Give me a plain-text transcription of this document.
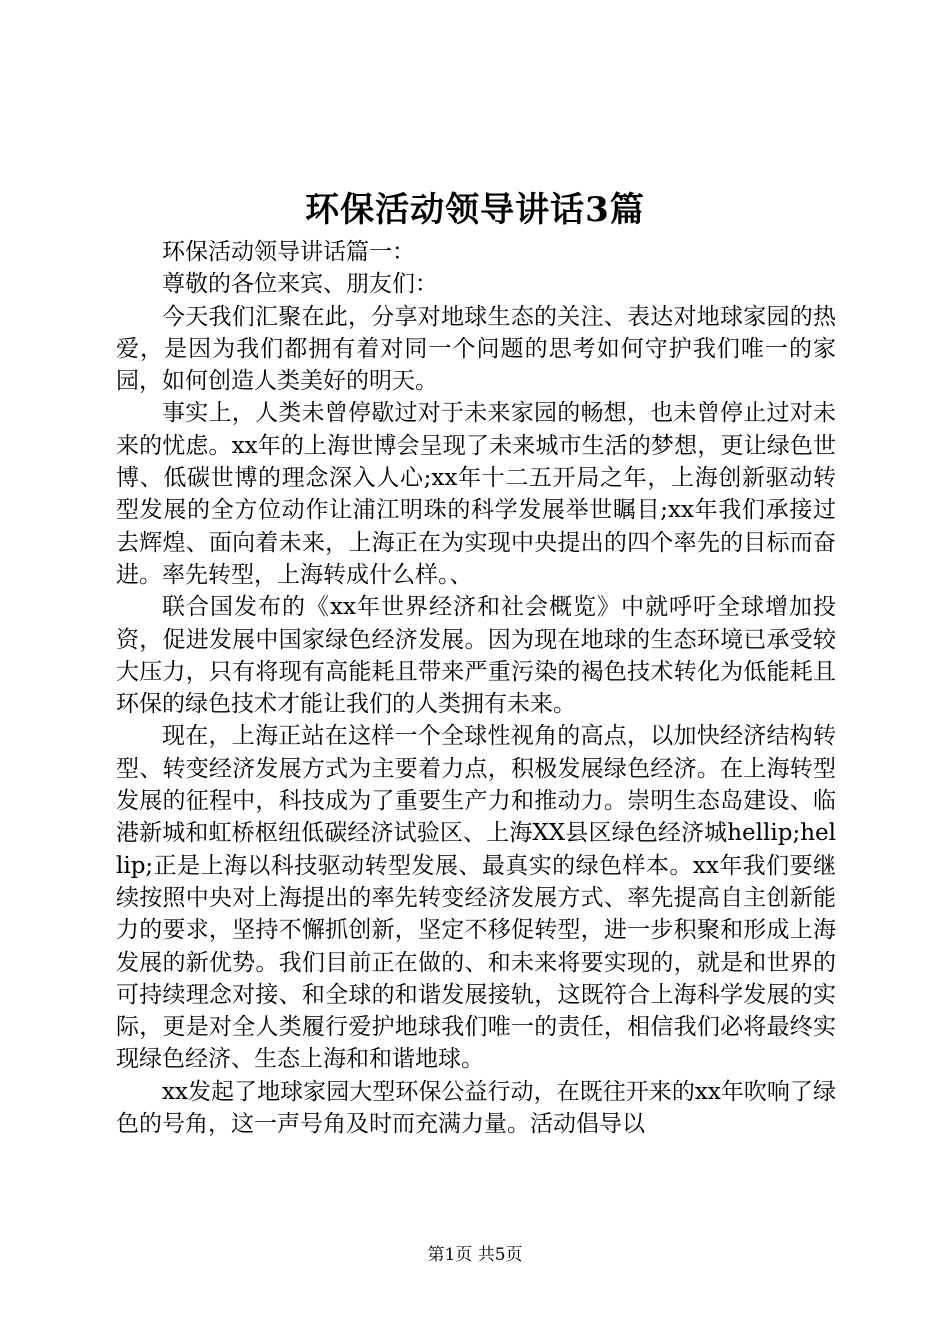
环保活动领导讲话3篇

环保活动领导讲话篇一：

尊敬的各位来宾、朋友们：

今天我们汇聚在此，分享对地球生态的关注、表达对地球家园的热爱，是因为我们都拥有着对同一个问题的思考如何守护我们唯一的家园，如何创造人类美好的明天。

事实上，人类未曾停歇过对于未来家园的畅想，也未曾停止过对未来的忧虑。xx年的上海世博会呈现了未来城市生活的梦想，更让绿色世博、低碳世博的理念深入人心;xx年十二五开局之年，上海创新驱动转型发展的全方位动作让浦江明珠的科学发展举世瞩目;xx年我们承接过去辉煌、面向着未来，上海正在为实现中央提出的四个率先的目标而奋进。率先转型，上海转成什么样。、

联合国发布的《xx年世界经济和社会概览》中就呼吁全球增加投资，促进发展中国家绿色经济发展。因为现在地球的生态环境已承受较大压力，只有将现有高能耗且带来严重污染的褐色技术转化为低能耗且环保的绿色技术才能让我们的人类拥有未来。

现在，上海正站在这样一个全球性视角的高点，以加快经济结构转型、转变经济发展方式为主要着力点，积极发展绿色经济。在上海转型发展的征程中，科技成为了重要生产力和推动力。崇明生态岛建设、临港新城和虹桥枢纽低碳经济试验区、上海XX县区绿色经济城hellip;hellip;正是上海以科技驱动转型发展、最真实的绿色样本。xx年我们要继续按照中央对上海提出的率先转变经济发展方式、率先提高自主创新能力的要求，坚持不懈抓创新，坚定不移促转型，进一步积聚和形成上海发展的新优势。我们目前正在做的、和未来将要实现的，就是和世界的可持续理念对接、和全球的和谐发展接轨，这既符合上海科学发展的实际，更是对全人类履行爱护地球我们唯一的责任，相信我们必将最终实现绿色经济、生态上海和和谐地球。

xx发起了地球家园大型环保公益行动，在既往开来的xx年吹响了绿色的号角，这一声号角及时而充满力量。活动倡导以

第1页 共5页
